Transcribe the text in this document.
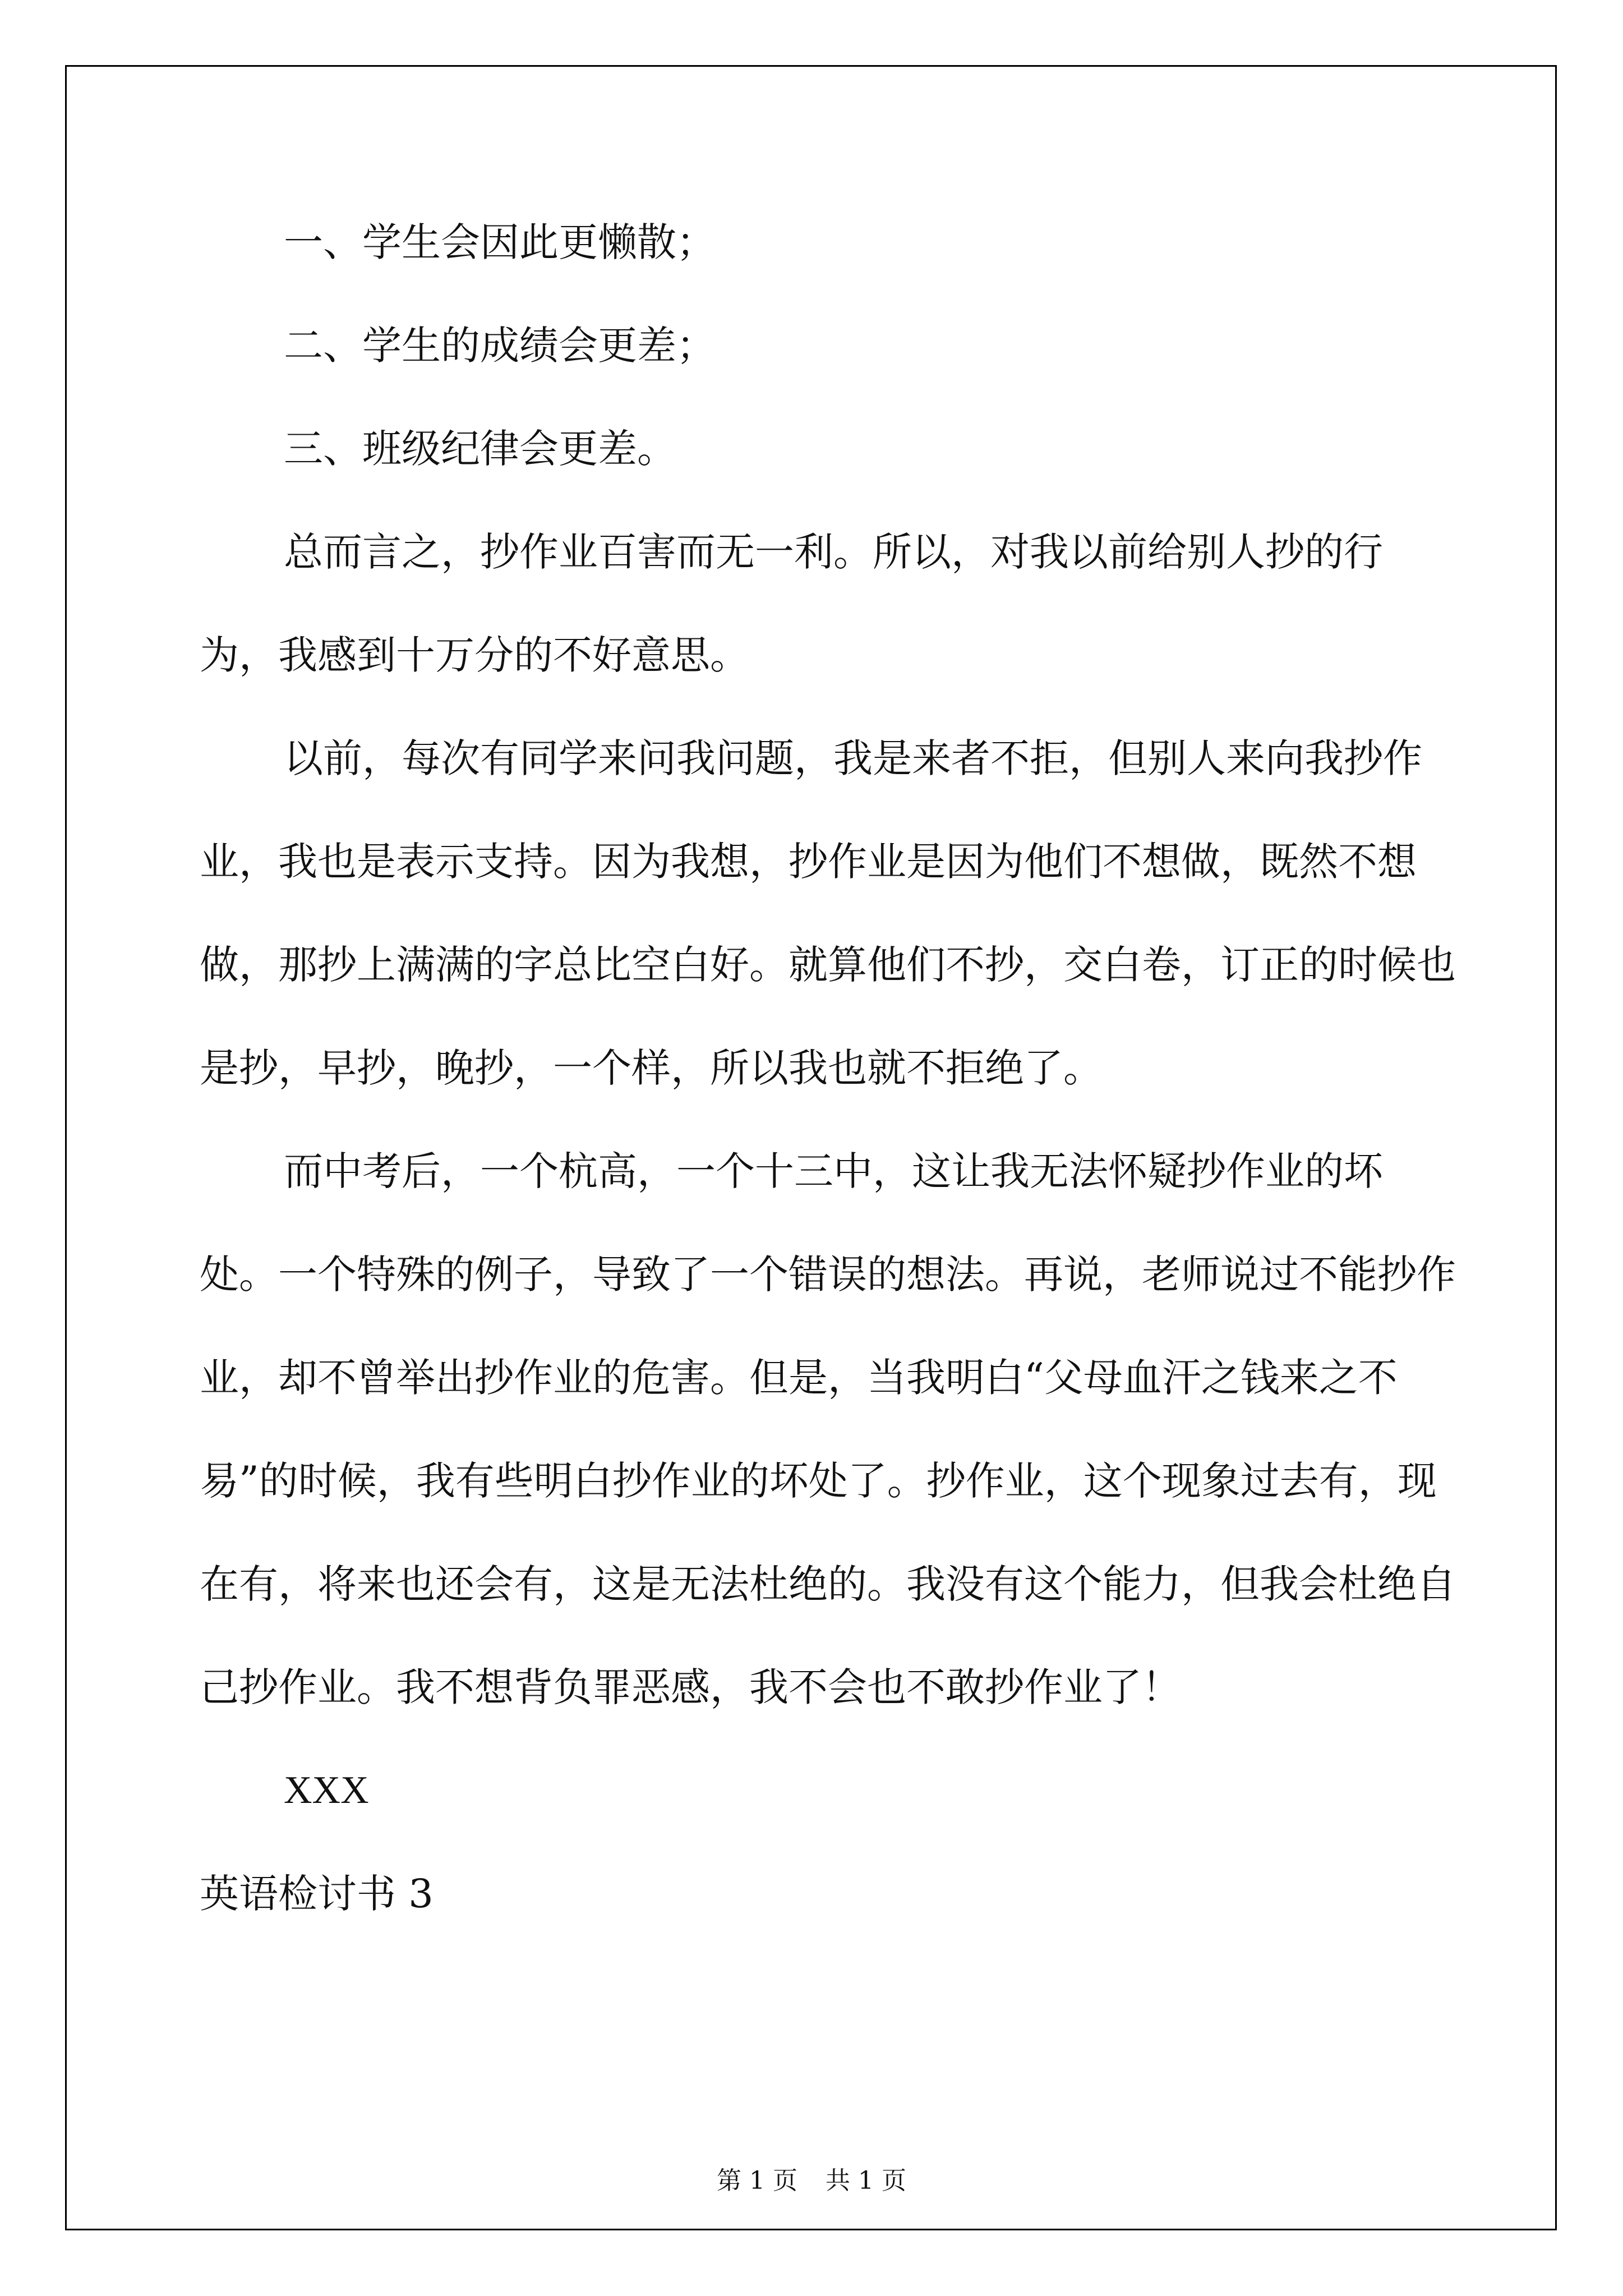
一、学生会因此更懒散；

二、学生的成绩会更差；

三、班级纪律会更差。

总而言之，抄作业百害而无一利。所以，对我以前给别人抄的行为，我感到十万分的不好意思。

以前，每次有同学来问我问题，我是来者不拒，但别人来向我抄作业，我也是表示支持。因为我想，抄作业是因为他们不想做，既然不想做，那抄上满满的字总比空白好。就算他们不抄，交白卷，订正的时候也是抄，早抄，晚抄，一个样，所以我也就不拒绝了。

而中考后，一个杭高，一个十三中，这让我无法怀疑抄作业的坏处。一个特殊的例子，导致了一个错误的想法。再说，老师说过不能抄作业，却不曾举出抄作业的危害。但是，当我明白“父母血汗之钱来之不易”的时候，我有些明白抄作业的坏处了。抄作业，这个现象过去有，现在有，将来也还会有，这是无法杜绝的。我没有这个能力，但我会杜绝自己抄作业。我不想背负罪恶感，我不会也不敢抄作业了！

XXX

英语检讨书 3

第 1 页 共 1 页
